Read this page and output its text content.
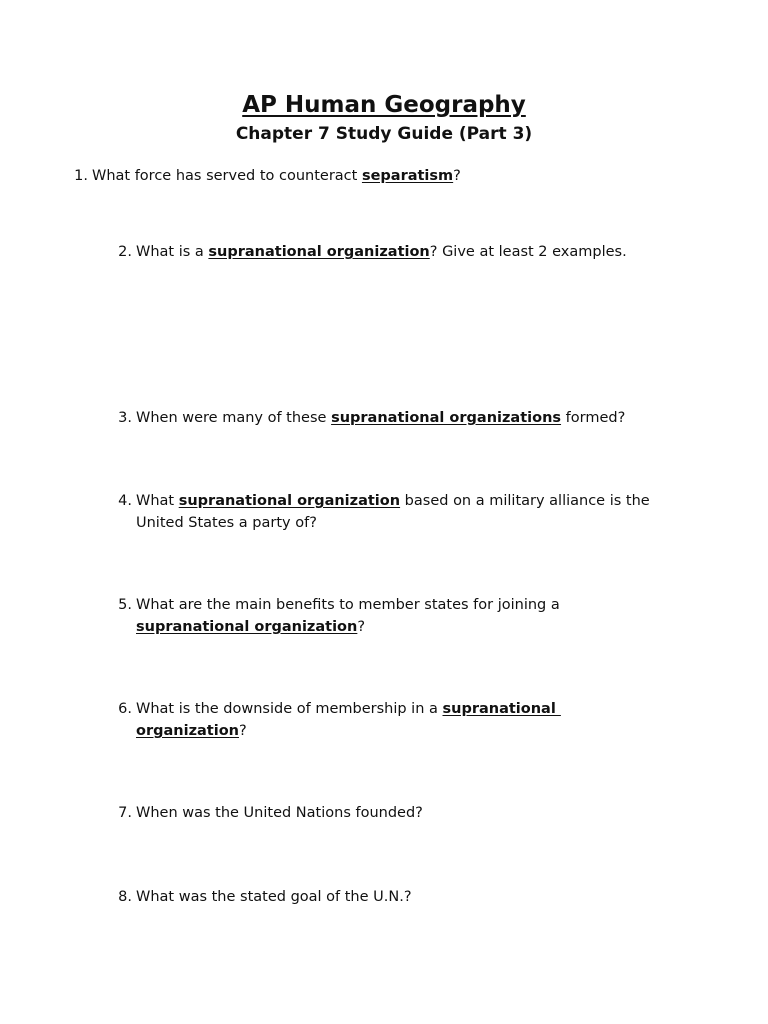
AP Human Geography
Chapter 7 Study Guide (Part 3)
1. What force has served to counteract separatism?
2. What is a supranational organization? Give at least 2 examples.
3. When were many of these supranational organizations formed?
4. What supranational organization based on a military alliance is the
United States a party of?
5. What are the main benefits to member states for joining a
supranational organization?
6. What is the downside of membership in a supranational
organization?
7. When was the United Nations founded?
8. What was the stated goal of the U.N.?
